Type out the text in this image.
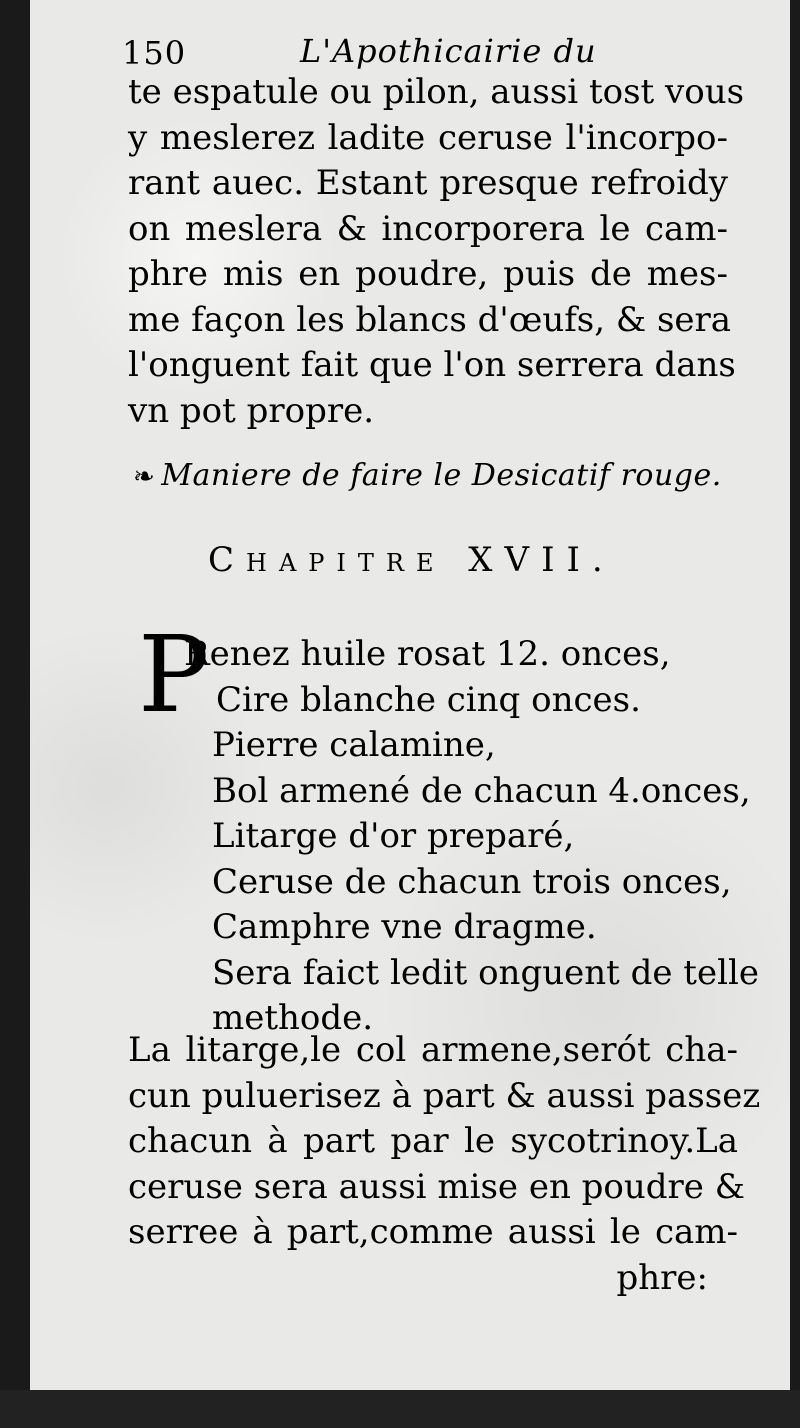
150	L'Apothicairie du
te espatule ou pilon, aussi tost vous
y meslerez ladite ceruse l'incorpo-
rant auec. Estant presque refroidy
on meslera & incorporera le cam-
phre mis en poudre, puis de mes-
me façon les blancs d'œufs, & sera
l'onguent fait que l'on serrera dans
vn pot propre.
❧ Maniere de faire le Desicatif rouge.
Chapitre XVII.
P
Renez huile rosat 12. onces,
Cire blanche cinq onces.
Pierre calamine,
Bol armené de chacun 4.onces,
Litarge d'or preparé,
Ceruse de chacun trois onces,
Camphre vne dragme.
Sera faict ledit onguent de telle
methode.
La litarge,le col armene,serót cha-
cun puluerisez à part & aussi passez
chacun à part par le sycotrinoy.La
ceruse sera aussi mise en poudre &
serree à part,comme aussi le cam-
phre:
